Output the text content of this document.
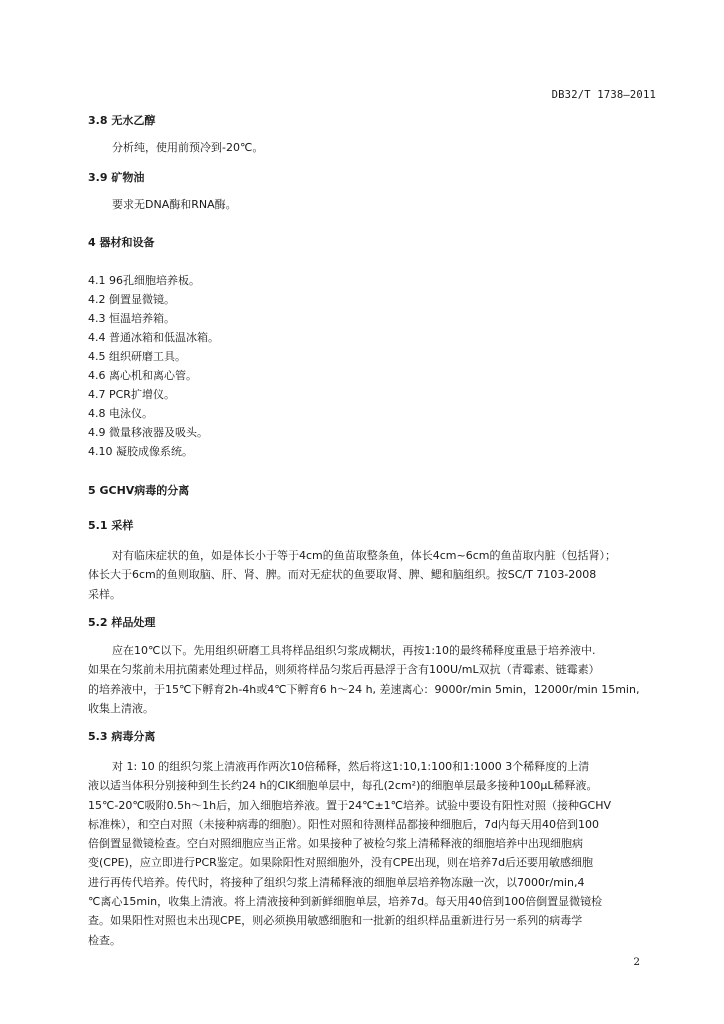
DB32/T 1738—2011
3.8 无水乙醇
分析纯，使用前预冷到-20℃。
3.9 矿物油
要求无DNA酶和RNA酶。
4 器材和设备
4.1 96孔细胞培养板。
4.2 倒置显微镜。
4.3 恒温培养箱。
4.4 普通冰箱和低温冰箱。
4.5 组织研磨工具。
4.6 离心机和离心管。
4.7 PCR扩增仪。
4.8 电泳仪。
4.9 微量移液器及吸头。
4.10 凝胶成像系统。
5 GCHV病毒的分离
5.1 采样
对有临床症状的鱼，如是体长小于等于4cm的鱼苗取整条鱼，体长4cm~6cm的鱼苗取内脏（包括肾）；
体长大于6cm的鱼则取脑、肝、肾、脾。而对无症状的鱼要取肾、脾、鳃和脑组织。按SC/T 7103-2008
采样。
5.2 样品处理
应在10℃以下。先用组织研磨工具将样品组织匀浆成糊状，再按1:10的最终稀释度重悬于培养液中.
如果在匀浆前未用抗菌素处理过样品，则须将样品匀浆后再悬浮于含有100U/mL双抗（青霉素、链霉素）
的培养液中，于15℃下孵育2h-4h或4℃下孵育6 h～24 h, 差速离心：9000r/min 5min，12000r/min 15min,
收集上清液。
5.3 病毒分离
对 1: 10 的组织匀浆上清液再作两次10倍稀释，然后将这1:10,1:100和1:1000 3个稀释度的上清
液以适当体积分别接种到生长约24 h的CIK细胞单层中，每孔(2cm²)的细胞单层最多接种100μL稀释液。
15℃-20℃吸附0.5h～1h后，加入细胞培养液。置于24℃±1℃培养。试验中要设有阳性对照（接种GCHV
标准株），和空白对照（未接种病毒的细胞）。阳性对照和待测样品都接种细胞后，7d内每天用40倍到100
倍倒置显微镜检查。空白对照细胞应当正常。如果接种了被检匀浆上清稀释液的细胞培养中出现细胞病
变(CPE)，应立即进行PCR鉴定。如果除阳性对照细胞外，没有CPE出现，则在培养7d后还要用敏感细胞
进行再传代培养。传代时，将接种了组织匀浆上清稀释液的细胞单层培养物冻融一次，以7000r/min,4
℃离心15min，收集上清液。将上清液接种到新鲜细胞单层，培养7d。每天用40倍到100倍倒置显微镜检
查。如果阳性对照也未出现CPE，则必须换用敏感细胞和一批新的组织样品重新进行另一系列的病毒学
检查。
2
